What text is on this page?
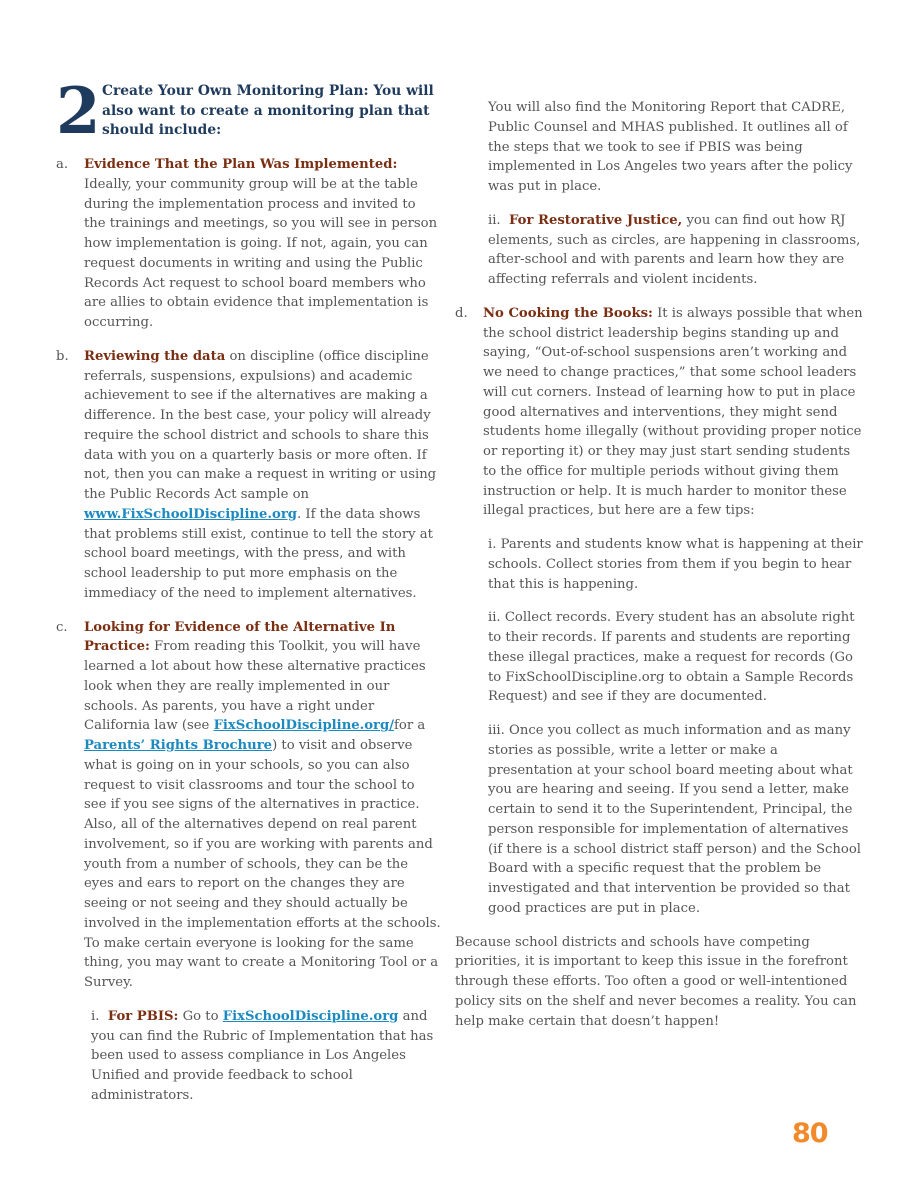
2 Create Your Own Monitoring Plan: You will also want to create a monitoring plan that should include:
a. Evidence That the Plan Was Implemented:
Ideally, your community group will be at the table during the implementation process and invited to the trainings and meetings, so you will see in person how implementation is going. If not, again, you can request documents in writing and using the Public Records Act request to school board members who are allies to obtain evidence that implementation is occurring.
b. Reviewing the data on discipline (office discipline referrals, suspensions, expulsions) and academic achievement to see if the alternatives are making a difference. In the best case, your policy will already require the school district and schools to share this data with you on a quarterly basis or more often. If not, then you can make a request in writing or using the Public Records Act sample on www.FixSchoolDiscipline.org. If the data shows that problems still exist, continue to tell the story at school board meetings, with the press, and with school leadership to put more emphasis on the immediacy of the need to implement alternatives.
c. Looking for Evidence of the Alternative In Practice: From reading this Toolkit, you will have learned a lot about how these alternative practices look when they are really implemented in our schools. As parents, you have a right under California law (see FixSchoolDiscipline.org/for a Parents’ Rights Brochure) to visit and observe what is going on in your schools, so you can also request to visit classrooms and tour the school to see if you see signs of the alternatives in practice. Also, all of the alternatives depend on real parent involvement, so if you are working with parents and youth from a number of schools, they can be the eyes and ears to report on the changes they are seeing or not seeing and they should actually be involved in the implementation efforts at the schools. To make certain everyone is looking for the same thing, you may want to create a Monitoring Tool or a Survey.
i. For PBIS: Go to FixSchoolDiscipline.org and you can find the Rubric of Implementation that has been used to assess compliance in Los Angeles Unified and provide feedback to school administrators.

You will also find the Monitoring Report that CADRE, Public Counsel and MHAS published. It outlines all of the steps that we took to see if PBIS was being implemented in Los Angeles two years after the policy was put in place.

ii. For Restorative Justice, you can find out how RJ elements, such as circles, are happening in classrooms, after-school and with parents and learn how they are affecting referrals and violent incidents.
d. No Cooking the Books: It is always possible that when the school district leadership begins standing up and saying, “Out-of-school suspensions aren’t working and we need to change practices,” that some school leaders will cut corners. Instead of learning how to put in place good alternatives and interventions, they might send students home illegally (without providing proper notice or reporting it) or they may just start sending students to the office for multiple periods without giving them instruction or help. It is much harder to monitor these illegal practices, but here are a few tips:

i. Parents and students know what is happening at their schools. Collect stories from them if you begin to hear that this is happening.

ii. Collect records. Every student has an absolute right to their records. If parents and students are reporting these illegal practices, make a request for records (Go to FixSchoolDiscipline.org to obtain a Sample Records Request) and see if they are documented.

iii. Once you collect as much information and as many stories as possible, write a letter or make a presentation at your school board meeting about what you are hearing and seeing. If you send a letter, make certain to send it to the Superintendent, Principal, the person responsible for implementation of alternatives (if there is a school district staff person) and the School Board with a specific request that the problem be investigated and that intervention be provided so that good practices are put in place.

Because school districts and schools have competing priorities, it is important to keep this issue in the forefront through these efforts. Too often a good or well-intentioned policy sits on the shelf and never becomes a reality. You can help make certain that doesn’t happen!

80
